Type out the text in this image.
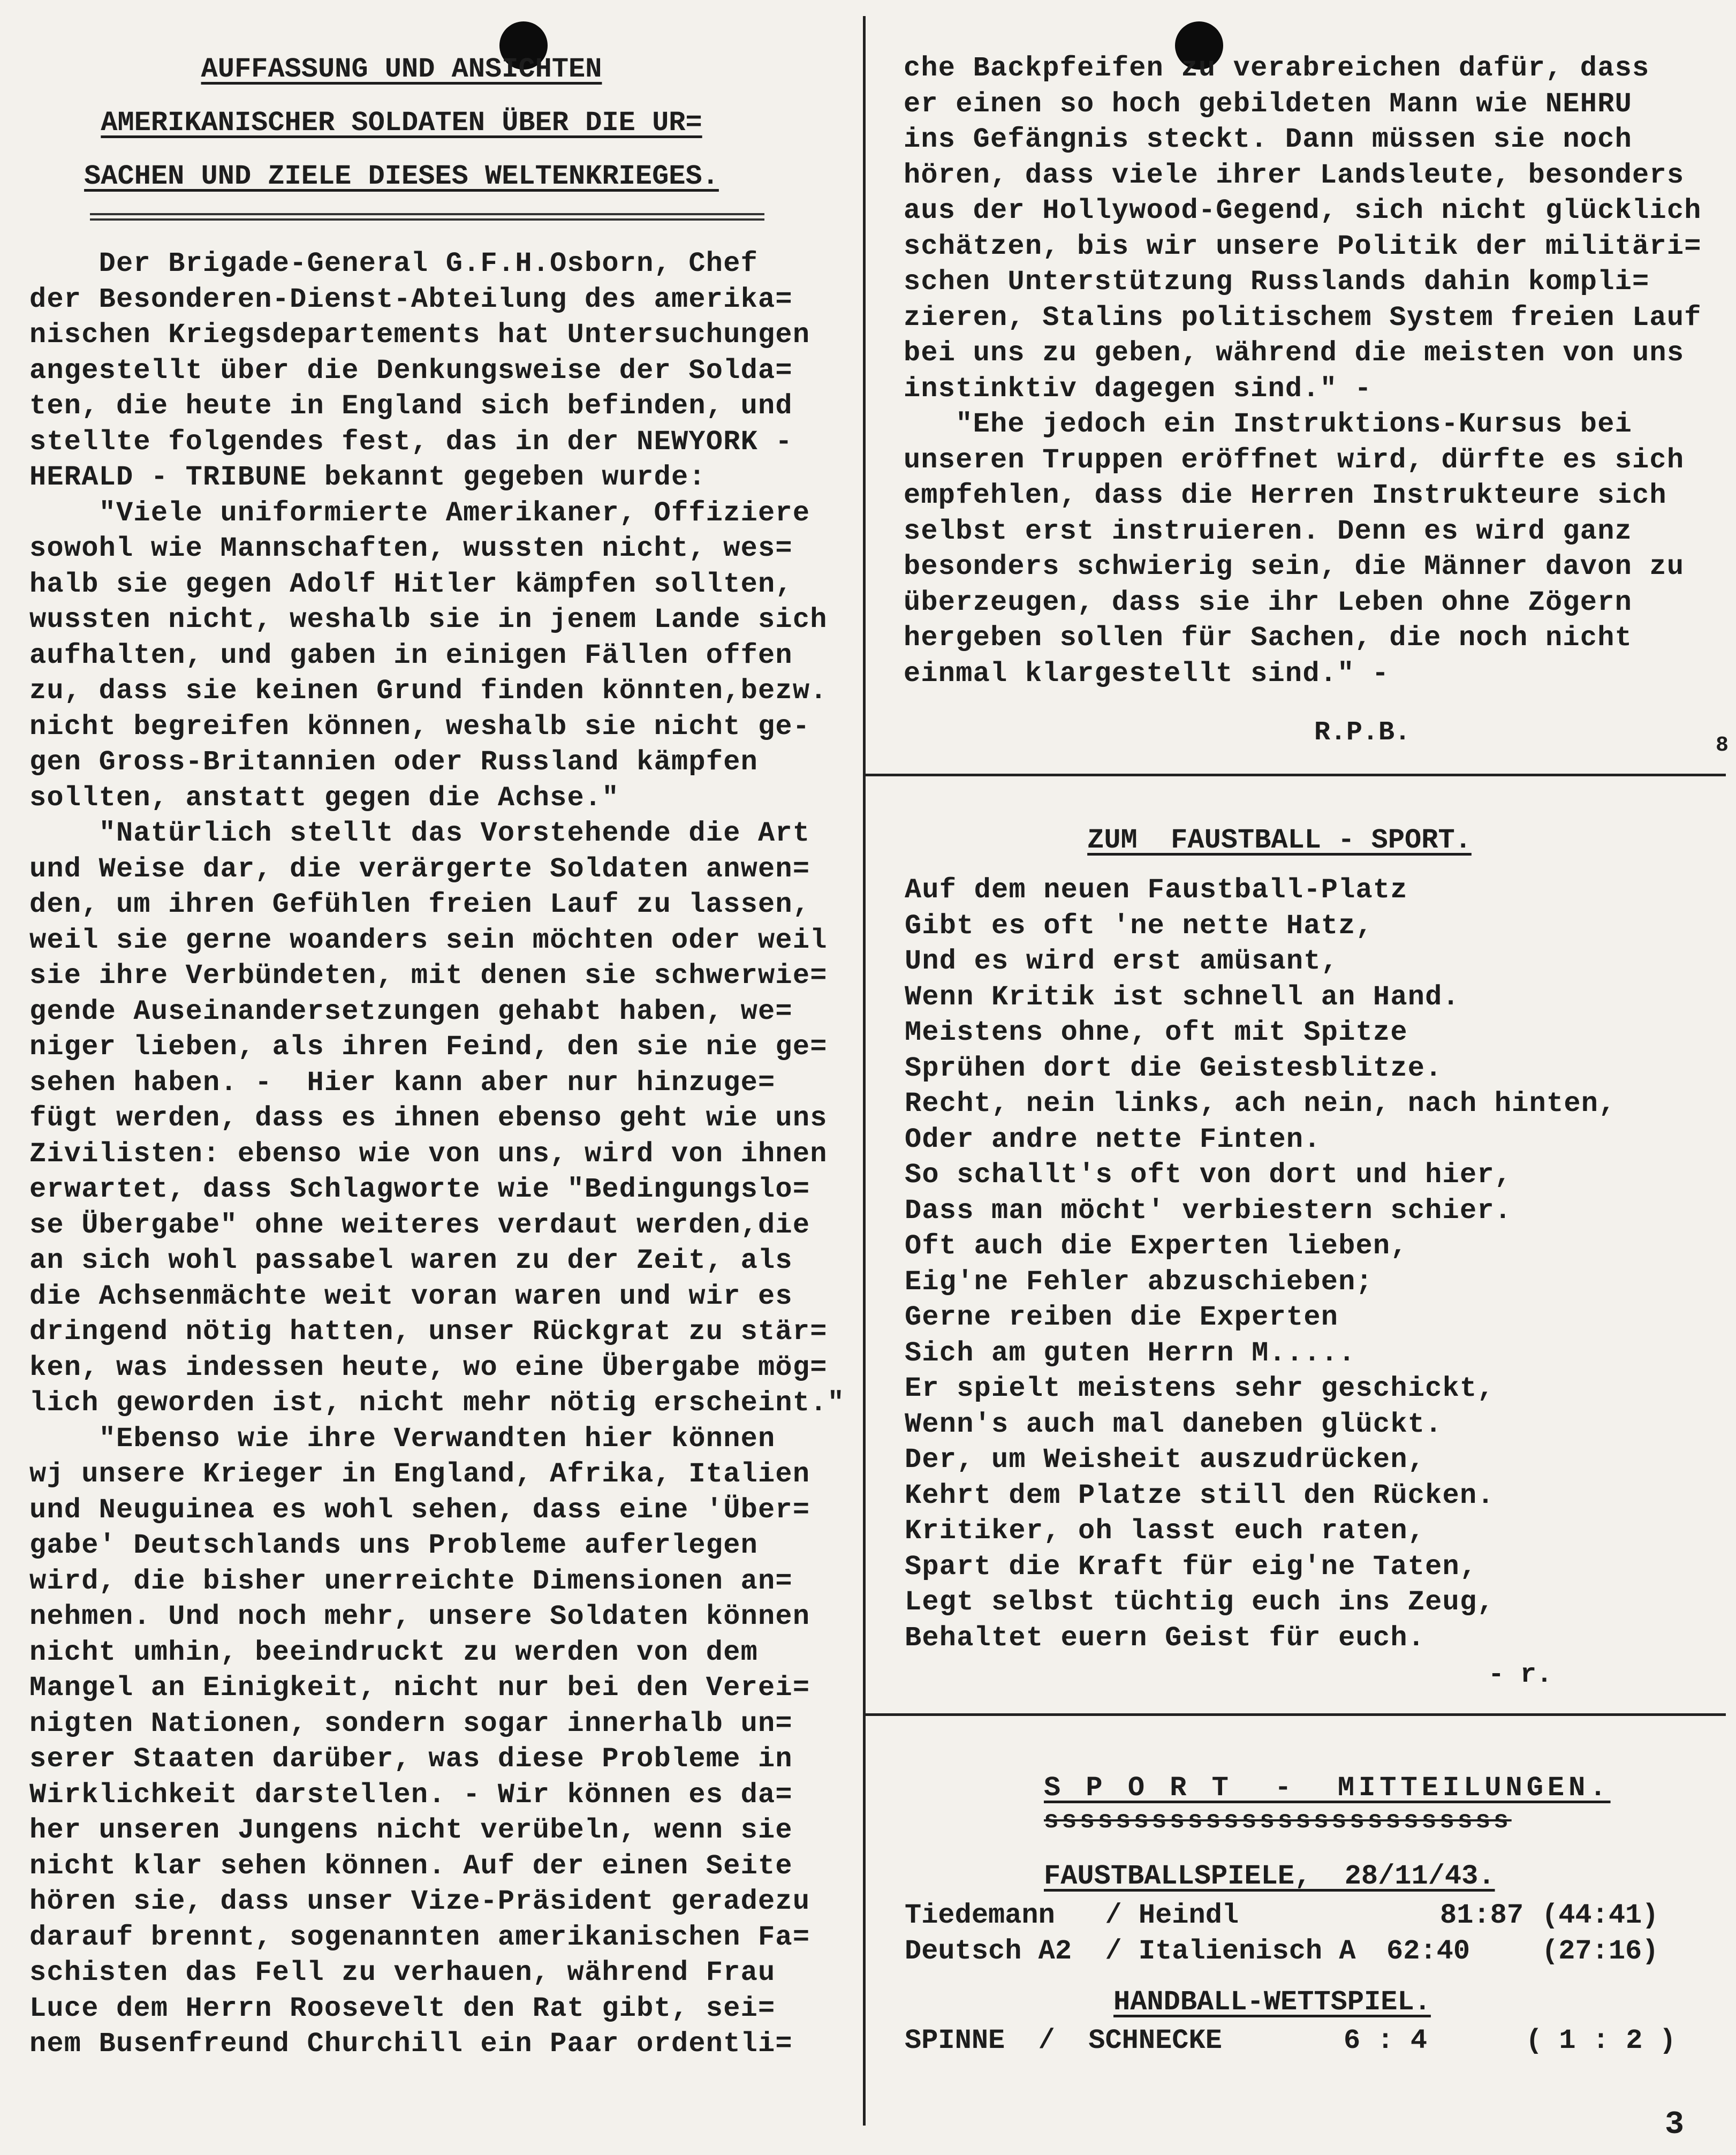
AUFFASSUNG UND ANSICHTEN
AMERIKANISCHER SOLDATEN ÜBER DIE UR=
SACHEN UND ZIELE DIESES WELTENKRIEGES.
Der Brigade-General G.F.H.Osborn, Chef
der Besonderen-Dienst-Abteilung des amerika=
nischen Kriegsdepartements hat Untersuchungen
angestellt über die Denkungsweise der Solda=
ten, die heute in England sich befinden, und
stellte folgendes fest, das in der NEWYORK -
HERALD - TRIBUNE bekannt gegeben wurde:
"Viele uniformierte Amerikaner, Offiziere
sowohl wie Mannschaften, wussten nicht, wes=
halb sie gegen Adolf Hitler kämpfen sollten,
wussten nicht, weshalb sie in jenem Lande sich
aufhalten, und gaben in einigen Fällen offen
zu, dass sie keinen Grund finden könnten,bezw.
nicht begreifen können, weshalb sie nicht ge-
gen Gross-Britannien oder Russland kämpfen
sollten, anstatt gegen die Achse."
"Natürlich stellt das Vorstehende die Art
und Weise dar, die verärgerte Soldaten anwen=
den, um ihren Gefühlen freien Lauf zu lassen,
weil sie gerne woanders sein möchten oder weil
sie ihre Verbündeten, mit denen sie schwerwie=
gende Auseinandersetzungen gehabt haben, we=
niger lieben, als ihren Feind, den sie nie ge=
sehen haben. -  Hier kann aber nur hinzuge=
fügt werden, dass es ihnen ebenso geht wie uns
Zivilisten: ebenso wie von uns, wird von ihnen
erwartet, dass Schlagworte wie "Bedingungslo=
se Übergabe" ohne weiteres verdaut werden,die
an sich wohl passabel waren zu der Zeit, als
die Achsenmächte weit voran waren und wir es
dringend nötig hatten, unser Rückgrat zu stär=
ken, was indessen heute, wo eine Übergabe mög=
lich geworden ist, nicht mehr nötig erscheint."
"Ebenso wie ihre Verwandten hier können
wj unsere Krieger in England, Afrika, Italien
und Neuguinea es wohl sehen, dass eine 'Über=
gabe' Deutschlands uns Probleme auferlegen
wird, die bisher unerreichte Dimensionen an=
nehmen. Und noch mehr, unsere Soldaten können
nicht umhin, beeindruckt zu werden von dem
Mangel an Einigkeit, nicht nur bei den Verei=
nigten Nationen, sondern sogar innerhalb un=
serer Staaten darüber, was diese Probleme in
Wirklichkeit darstellen. - Wir können es da=
her unseren Jungens nicht verübeln, wenn sie
nicht klar sehen können. Auf der einen Seite
hören sie, dass unser Vize-Präsident geradezu
darauf brennt, sogenannten amerikanischen Fa=
schisten das Fell zu verhauen, während Frau
Luce dem Herrn Roosevelt den Rat gibt, sei=
nem Busenfreund Churchill ein Paar ordentli=
che Backpfeifen zu verabreichen dafür, dass
er einen so hoch gebildeten Mann wie NEHRU
ins Gefängnis steckt. Dann müssen sie noch
hören, dass viele ihrer Landsleute, besonders
aus der Hollywood-Gegend, sich nicht glücklich
schätzen, bis wir unsere Politik der militäri=
schen Unterstützung Russlands dahin kompli=
zieren, Stalins politischem System freien Lauf
bei uns zu geben, während die meisten von uns
instinktiv dagegen sind." -
"Ehe jedoch ein Instruktions-Kursus bei
unseren Truppen eröffnet wird, dürfte es sich
empfehlen, dass die Herren Instrukteure sich
selbst erst instruieren. Denn es wird ganz
besonders schwierig sein, die Männer davon zu
überzeugen, dass sie ihr Leben ohne Zögern
hergeben sollen für Sachen, die noch nicht
einmal klargestellt sind." -
R.P.B.	8
ZUM  FAUSTBALL - SPORT.
Auf dem neuen Faustball-Platz
Gibt es oft 'ne nette Hatz,
Und es wird erst amüsant,
Wenn Kritik ist schnell an Hand.
Meistens ohne, oft mit Spitze
Sprühen dort die Geistesblitze.
Recht, nein links, ach nein, nach hinten,
Oder andre nette Finten.
So schallt's oft von dort und hier,
Dass man möcht' verbiestern schier.
Oft auch die Experten lieben,
Eig'ne Fehler abzuschieben;
Gerne reiben die Experten
Sich am guten Herrn M.....
Er spielt meistens sehr geschickt,
Wenn's auch mal daneben glückt.
Der, um Weisheit auszudrücken,
Kehrt dem Platze still den Rücken.
Kritiker, oh lasst euch raten,
Spart die Kraft für eig'ne Taten,
Legt selbst tüchtig euch ins Zeug,
Behaltet euern Geist für euch.
- r.
S P O R T  -  MITTEILUNGEN.
ssssssssssssssssssssssssss
FAUSTBALLSPIELE,  28/11/43.
Tiedemann   / Heindl	81:87 (44:41)
Deutsch A2  / Italienisch A 62:40	(27:16)
HANDBALL-WETTSPIEL.
SPINNE  /  SCHNECKE	6 : 4	( 1 : 2 )
3
